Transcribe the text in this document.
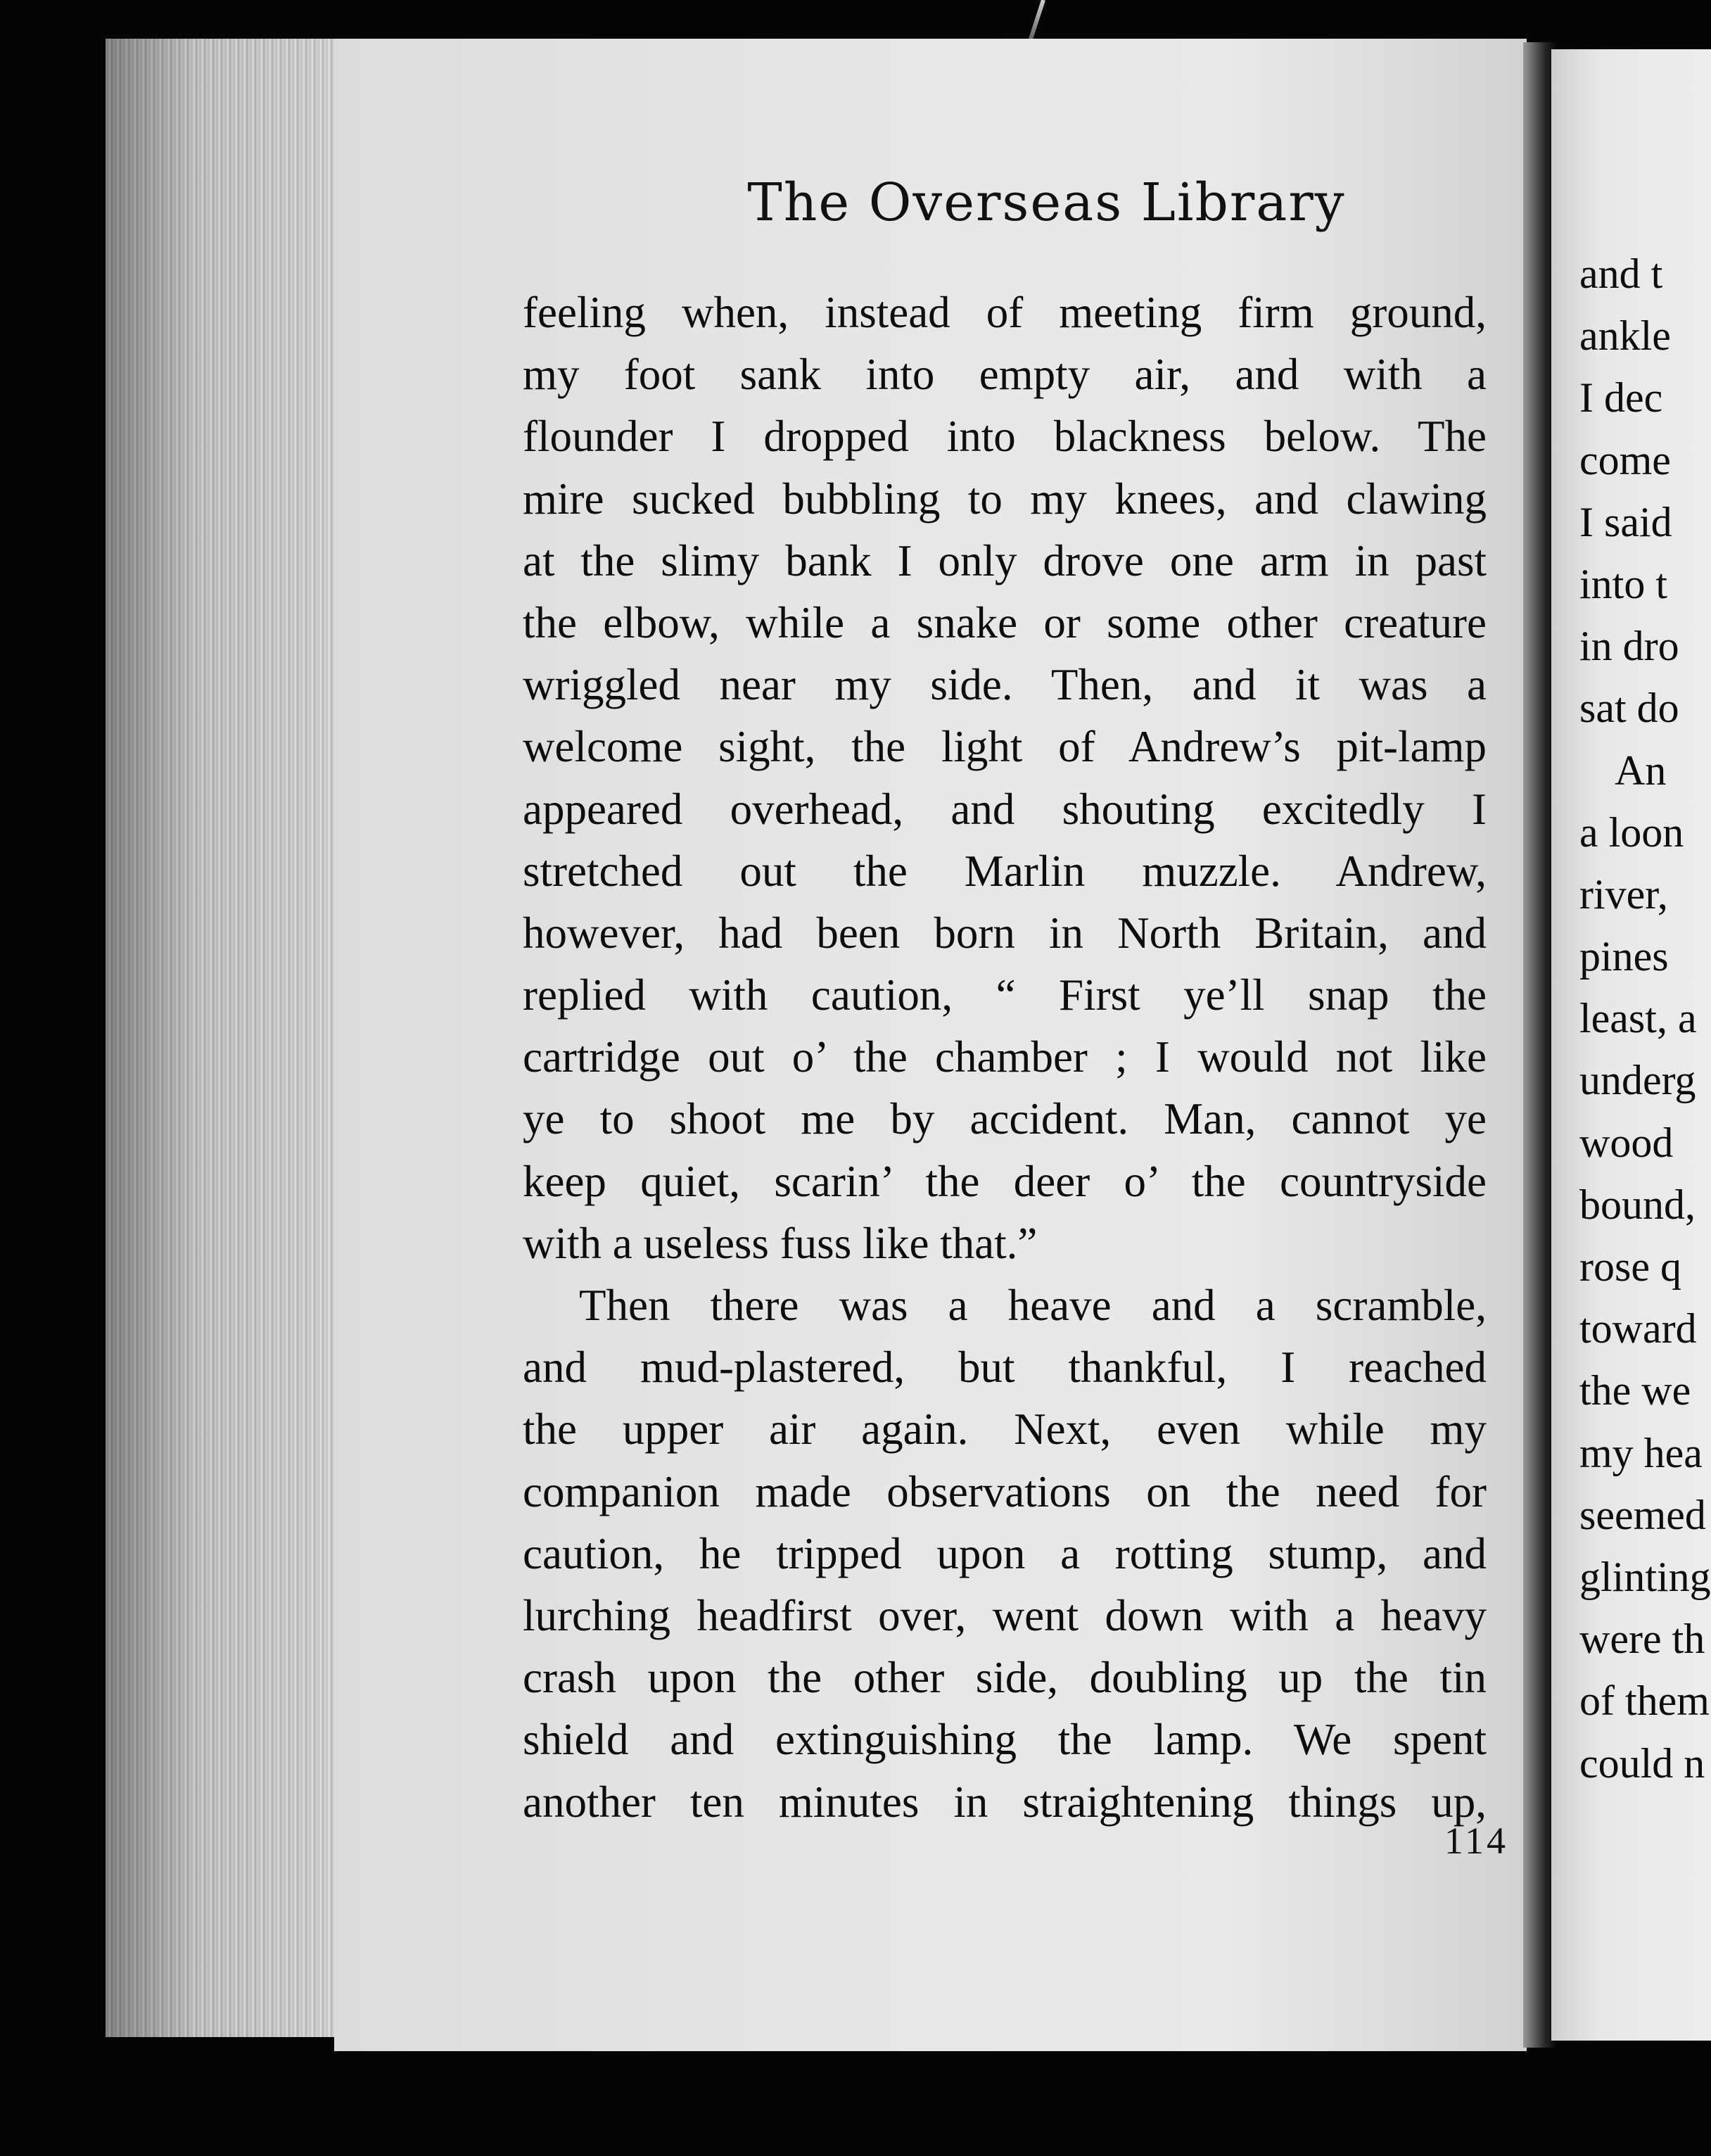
The Overseas Library
feeling when, instead of meeting firm ground,
my foot sank into empty air, and with a
flounder I dropped into blackness below. The
mire sucked bubbling to my knees, and clawing
at the slimy bank I only drove one arm in past
the elbow, while a snake or some other creature
wriggled near my side. Then, and it was a
welcome sight, the light of Andrew’s pit-lamp
appeared overhead, and shouting excitedly I
stretched out the Marlin muzzle. Andrew,
however, had been born in North Britain, and
replied with caution, “ First ye’ll snap the
cartridge out o’ the chamber ; I would not like
ye to shoot me by accident. Man, cannot ye
keep quiet, scarin’ the deer o’ the countryside
with a useless fuss like that.”
Then there was a heave and a scramble,
and mud-plastered, but thankful, I reached
the upper air again. Next, even while my
companion made observations on the need for
caution, he tripped upon a rotting stump, and
lurching headfirst over, went down with a heavy
crash upon the other side, doubling up the tin
shield and extinguishing the lamp. We spent
another ten minutes in straightening things up,
114
and t
ankle
I dec
come
I said
into t
in dro
sat do
An
a loon
river,
pines
least, a
underg
wood
bound,
rose q
toward
the we
my hea
seemed
glinting
were th
of them
could n
